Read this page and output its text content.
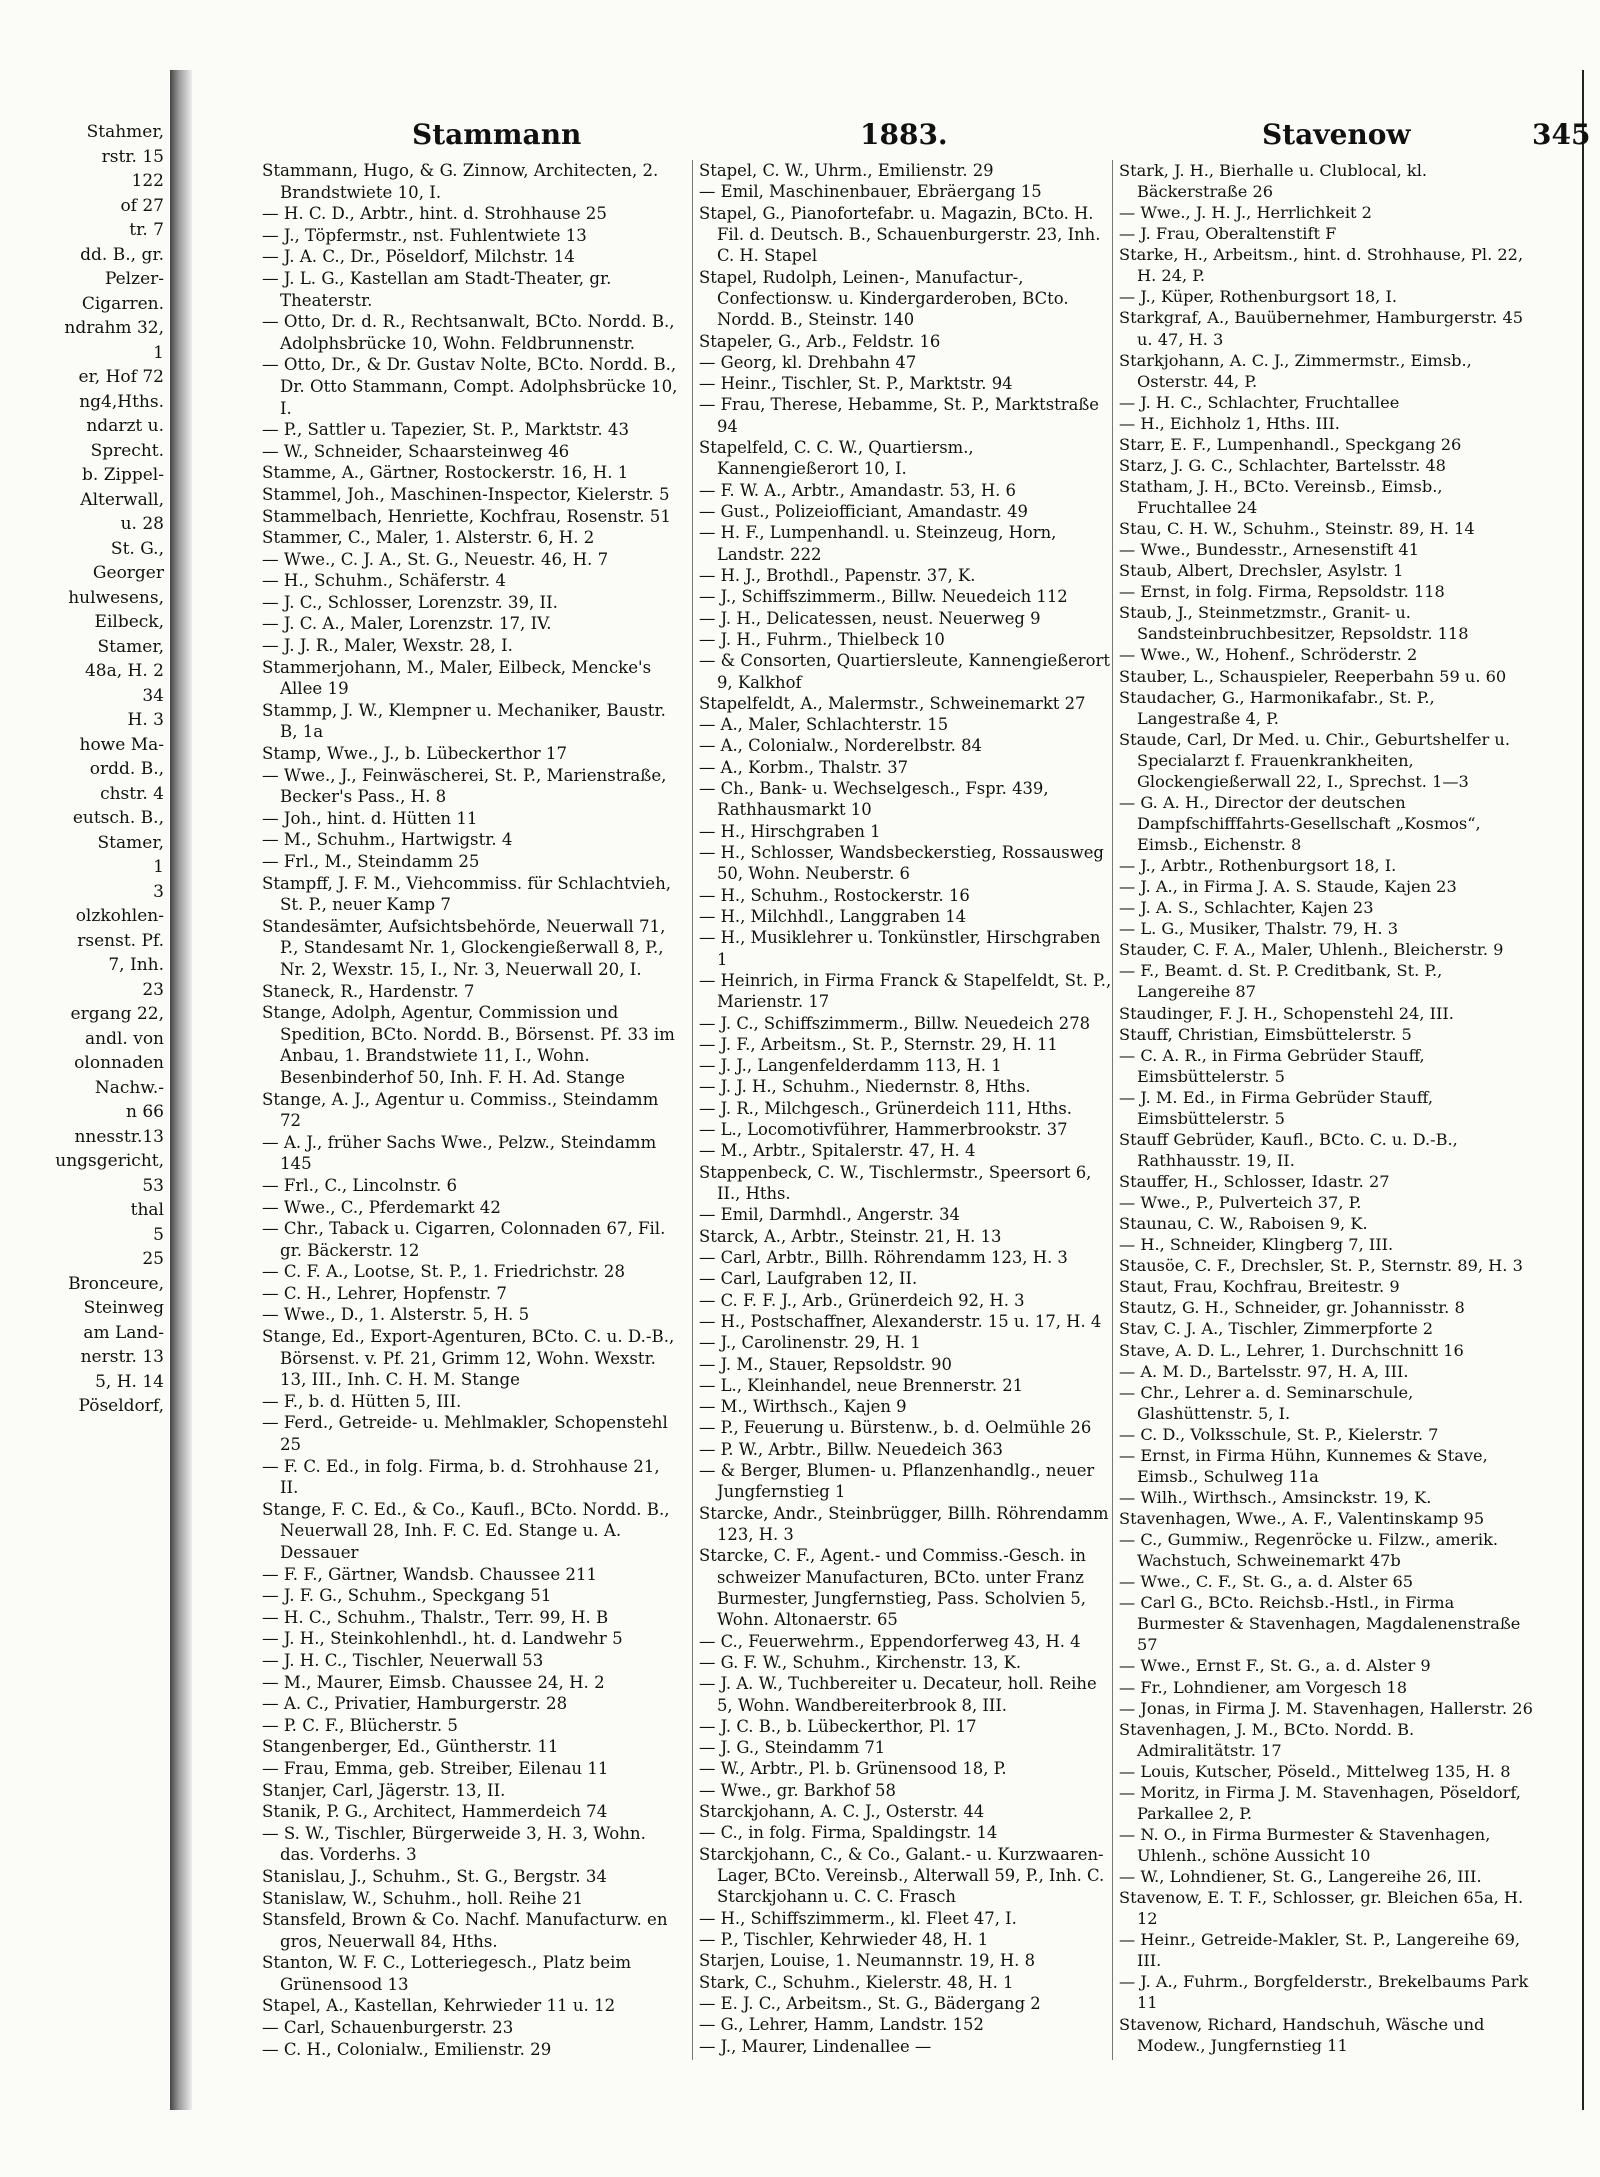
Stahmer,
rstr. 15
122
of 27
tr. 7
dd. B., gr.
Pelzer-
Cigarren.
ndrahm 32,
1
er, Hof 72
ng4,Hths.
ndarzt u.
Sprecht.
b. Zippel-
Alterwall,
u. 28
St. G.,
Georger
hulwesens,
Eilbeck,
Stamer,
48a, H. 2
34
H. 3
howe Ma-
ordd. B.,
chstr. 4
eutsch. B.,
Stamer,
1
3
olzkohlen-
rsenst. Pf.
7, Inh.
23
ergang 22,
andl. von
olonnaden
Nachw.-
n 66
nnesstr.13
ungsgericht,
53
thal
5
25
Bronceure,
Steinweg
am Land-
nerstr. 13
5, H. 14
Pöseldorf,
Stammann	1883.	Stavenow	345

Stammann, Hugo, & G. Zinnow, Architecten, 2. Brandstwiete 10, I.

— H. C. D., Arbtr., hint. d. Strohhause 25

— J., Töpfermstr., nst. Fuhlentwiete 13

— J. A. C., Dr., Pöseldorf, Milchstr. 14

— J. L. G., Kastellan am Stadt-Theater, gr. Theaterstr.

— Otto, Dr. d. R., Rechtsanwalt, BCto. Nordd. B., Adolphsbrücke 10, Wohn. Feldbrunnenstr.

— Otto, Dr., & Dr. Gustav Nolte, BCto. Nordd. B., Dr. Otto Stammann, Compt. Adolphsbrücke 10, I.

— P., Sattler u. Tapezier, St. P., Marktstr. 43

— W., Schneider, Schaarsteinweg 46

Stamme, A., Gärtner, Rostockerstr. 16, H. 1

Stammel, Joh., Maschinen-Inspector, Kielerstr. 5

Stammelbach, Henriette, Kochfrau, Rosenstr. 51

Stammer, C., Maler, 1. Alsterstr. 6, H. 2

— Wwe., C. J. A., St. G., Neuestr. 46, H. 7

— H., Schuhm., Schäferstr. 4

— J. C., Schlosser, Lorenzstr. 39, II.

— J. C. A., Maler, Lorenzstr. 17, IV.

— J. J. R., Maler, Wexstr. 28, I.

Stammerjohann, M., Maler, Eilbeck, Mencke's Allee 19

Stammp, J. W., Klempner u. Mechaniker, Baustr. B, 1a

Stamp, Wwe., J., b. Lübeckerthor 17

— Wwe., J., Feinwäscherei, St. P., Marienstraße, Becker's Pass., H. 8

— Joh., hint. d. Hütten 11

— M., Schuhm., Hartwigstr. 4

— Frl., M., Steindamm 25

Stampff, J. F. M., Viehcommiss. für Schlachtvieh, St. P., neuer Kamp 7

Standesämter, Aufsichtsbehörde, Neuerwall 71, P., Standesamt Nr. 1, Glockengießerwall 8, P., Nr. 2, Wexstr. 15, I., Nr. 3, Neuerwall 20, I.

Staneck, R., Hardenstr. 7

Stange, Adolph, Agentur, Commission und Spedition, BCto. Nordd. B., Börsenst. Pf. 33 im Anbau, 1. Brandstwiete 11, I., Wohn. Besenbinderhof 50, Inh. F. H. Ad. Stange

Stange, A. J., Agentur u. Commiss., Steindamm 72

— A. J., früher Sachs Wwe., Pelzw., Steindamm 145

— Frl., C., Lincolnstr. 6

— Wwe., C., Pferdemarkt 42

— Chr., Taback u. Cigarren, Colonnaden 67, Fil. gr. Bäckerstr. 12

— C. F. A., Lootse, St. P., 1. Friedrichstr. 28

— C. H., Lehrer, Hopfenstr. 7

— Wwe., D., 1. Alsterstr. 5, H. 5

Stange, Ed., Export-Agenturen, BCto. C. u. D.-B., Börsenst. v. Pf. 21, Grimm 12, Wohn. Wexstr. 13, III., Inh. C. H. M. Stange

— F., b. d. Hütten 5, III.

— Ferd., Getreide- u. Mehlmakler, Schopenstehl 25

— F. C. Ed., in folg. Firma, b. d. Strohhause 21, II.

Stange, F. C. Ed., & Co., Kaufl., BCto. Nordd. B., Neuerwall 28, Inh. F. C. Ed. Stange u. A. Dessauer

— F. F., Gärtner, Wandsb. Chaussee 211

— J. F. G., Schuhm., Speckgang 51

— H. C., Schuhm., Thalstr., Terr. 99, H. B

— J. H., Steinkohlenhdl., ht. d. Landwehr 5

— J. H. C., Tischler, Neuerwall 53

— M., Maurer, Eimsb. Chaussee 24, H. 2

— A. C., Privatier, Hamburgerstr. 28

— P. C. F., Blücherstr. 5

Stangenberger, Ed., Güntherstr. 11

— Frau, Emma, geb. Streiber, Eilenau 11

Stanjer, Carl, Jägerstr. 13, II.

Stanik, P. G., Architect, Hammerdeich 74

— S. W., Tischler, Bürgerweide 3, H. 3, Wohn. das. Vorderhs. 3

Stanislau, J., Schuhm., St. G., Bergstr. 34

Stanislaw, W., Schuhm., holl. Reihe 21

Stansfeld, Brown & Co. Nachf. Manufacturw. en gros, Neuerwall 84, Hths.

Stanton, W. F. C., Lotteriegesch., Platz beim Grünensood 13

Stapel, A., Kastellan, Kehrwieder 11 u. 12

— Carl, Schauenburgerstr. 23

— C. H., Colonialw., Emilienstr. 29

Stapel, C. W., Uhrm., Emilienstr. 29

— Emil, Maschinenbauer, Ebräergang 15

Stapel, G., Pianofortefabr. u. Magazin, BCto. H. Fil. d. Deutsch. B., Schauenburgerstr. 23, Inh. C. H. Stapel

Stapel, Rudolph, Leinen-, Manufactur-, Confectionsw. u. Kindergarderoben, BCto. Nordd. B., Steinstr. 140

Stapeler, G., Arb., Feldstr. 16

— Georg, kl. Drehbahn 47

— Heinr., Tischler, St. P., Marktstr. 94

— Frau, Therese, Hebamme, St. P., Marktstraße 94

Stapelfeld, C. C. W., Quartiersm., Kannengießerort 10, I.

— F. W. A., Arbtr., Amandastr. 53, H. 6

— Gust., Polizeiofficiant, Amandastr. 49

— H. F., Lumpenhandl. u. Steinzeug, Horn, Landstr. 222

— H. J., Brothdl., Papenstr. 37, K.

— J., Schiffszimmerm., Billw. Neuedeich 112

— J. H., Delicatessen, neust. Neuerweg 9

— J. H., Fuhrm., Thielbeck 10

— & Consorten, Quartiersleute, Kannengießerort 9, Kalkhof

Stapelfeldt, A., Malermstr., Schweinemarkt 27

— A., Maler, Schlachterstr. 15

— A., Colonialw., Norderelbstr. 84

— A., Korbm., Thalstr. 37

— Ch., Bank- u. Wechselgesch., Fspr. 439, Rathhausmarkt 10

— H., Hirschgraben 1

— H., Schlosser, Wandsbeckerstieg, Rossausweg 50, Wohn. Neuberstr. 6

— H., Schuhm., Rostockerstr. 16

— H., Milchhdl., Langgraben 14

— H., Musiklehrer u. Tonkünstler, Hirschgraben 1

— Heinrich, in Firma Franck & Stapelfeldt, St. P., Marienstr. 17

— J. C., Schiffszimmerm., Billw. Neuedeich 278

— J. F., Arbeitsm., St. P., Sternstr. 29, H. 11

— J. J., Langenfelderdamm 113, H. 1

— J. J. H., Schuhm., Niedernstr. 8, Hths.

— J. R., Milchgesch., Grünerdeich 111, Hths.

— L., Locomotivführer, Hammerbrookstr. 37

— M., Arbtr., Spitalerstr. 47, H. 4

Stappenbeck, C. W., Tischlermstr., Speersort 6, II., Hths.

— Emil, Darmhdl., Angerstr. 34

Starck, A., Arbtr., Steinstr. 21, H. 13

— Carl, Arbtr., Billh. Röhrendamm 123, H. 3

— Carl, Laufgraben 12, II.

— C. F. F. J., Arb., Grünerdeich 92, H. 3

— H., Postschaffner, Alexanderstr. 15 u. 17, H. 4

— J., Carolinenstr. 29, H. 1

— J. M., Stauer, Repsoldstr. 90

— L., Kleinhandel, neue Brennerstr. 21

— M., Wirthsch., Kajen 9

— P., Feuerung u. Bürstenw., b. d. Oelmühle 26

— P. W., Arbtr., Billw. Neuedeich 363

— & Berger, Blumen- u. Pflanzenhandlg., neuer Jungfernstieg 1

Starcke, Andr., Steinbrügger, Billh. Röhrendamm 123, H. 3

Starcke, C. F., Agent.- und Commiss.-Gesch. in schweizer Manufacturen, BCto. unter Franz Burmester, Jungfernstieg, Pass. Scholvien 5, Wohn. Altonaerstr. 65

— C., Feuerwehrm., Eppendorferweg 43, H. 4

— G. F. W., Schuhm., Kirchenstr. 13, K.

— J. A. W., Tuchbereiter u. Decateur, holl. Reihe 5, Wohn. Wandbereiterbrook 8, III.

— J. C. B., b. Lübeckerthor, Pl. 17

— J. G., Steindamm 71

— W., Arbtr., Pl. b. Grünensood 18, P.

— Wwe., gr. Barkhof 58

Starckjohann, A. C. J., Osterstr. 44

— C., in folg. Firma, Spaldingstr. 14

Starckjohann, C., & Co., Galant.- u. Kurzwaaren-Lager, BCto. Vereinsb., Alterwall 59, P., Inh. C. Starckjohann u. C. C. Frasch

— H., Schiffszimmerm., kl. Fleet 47, I.

— P., Tischler, Kehrwieder 48, H. 1

Starjen, Louise, 1. Neumannstr. 19, H. 8

Stark, C., Schuhm., Kielerstr. 48, H. 1

— E. J. C., Arbeitsm., St. G., Bädergang 2

— G., Lehrer, Hamm, Landstr. 152

— J., Maurer, Lindenallee —

Stark, J. H., Bierhalle u. Clublocal, kl. Bäckerstraße 26

— Wwe., J. H. J., Herrlichkeit 2

— J. Frau, Oberaltenstift F

Starke, H., Arbeitsm., hint. d. Strohhause, Pl. 22, H. 24, P.

— J., Küper, Rothenburgsort 18, I.

Starkgraf, A., Bauübernehmer, Hamburgerstr. 45 u. 47, H. 3

Starkjohann, A. C. J., Zimmermstr., Eimsb., Osterstr. 44, P.

— J. H. C., Schlachter, Fruchtallee

— H., Eichholz 1, Hths. III.

Starr, E. F., Lumpenhandl., Speckgang 26

Starz, J. G. C., Schlachter, Bartelsstr. 48

Statham, J. H., BCto. Vereinsb., Eimsb., Fruchtallee 24

Stau, C. H. W., Schuhm., Steinstr. 89, H. 14

— Wwe., Bundesstr., Arnesenstift 41

Staub, Albert, Drechsler, Asylstr. 1

— Ernst, in folg. Firma, Repsoldstr. 118

Staub, J., Steinmetzmstr., Granit- u. Sandsteinbruchbesitzer, Repsoldstr. 118

— Wwe., W., Hohenf., Schröderstr. 2

Stauber, L., Schauspieler, Reeperbahn 59 u. 60

Staudacher, G., Harmonikafabr., St. P., Langestraße 4, P.

Staude, Carl, Dr Med. u. Chir., Geburtshelfer u. Specialarzt f. Frauenkrankheiten, Glockengießerwall 22, I., Sprechst. 1—3

— G. A. H., Director der deutschen Dampfschifffahrts-Gesellschaft „Kosmos“, Eimsb., Eichenstr. 8

— J., Arbtr., Rothenburgsort 18, I.

— J. A., in Firma J. A. S. Staude, Kajen 23

— J. A. S., Schlachter, Kajen 23

— L. G., Musiker, Thalstr. 79, H. 3

Stauder, C. F. A., Maler, Uhlenh., Bleicherstr. 9

— F., Beamt. d. St. P. Creditbank, St. P., Langereihe 87

Staudinger, F. J. H., Schopenstehl 24, III.

Stauff, Christian, Eimsbüttelerstr. 5

— C. A. R., in Firma Gebrüder Stauff, Eimsbüttelerstr. 5

— J. M. Ed., in Firma Gebrüder Stauff, Eimsbüttelerstr. 5

Stauff Gebrüder, Kaufl., BCto. C. u. D.-B., Rathhausstr. 19, II.

Stauffer, H., Schlosser, Idastr. 27

— Wwe., P., Pulverteich 37, P.

Staunau, C. W., Raboisen 9, K.

— H., Schneider, Klingberg 7, III.

Stausöe, C. F., Drechsler, St. P., Sternstr. 89, H. 3

Staut, Frau, Kochfrau, Breitestr. 9

Stautz, G. H., Schneider, gr. Johannisstr. 8

Stav, C. J. A., Tischler, Zimmerpforte 2

Stave, A. D. L., Lehrer, 1. Durchschnitt 16

— A. M. D., Bartelsstr. 97, H. A, III.

— Chr., Lehrer a. d. Seminarschule, Glashüttenstr. 5, I.

— C. D., Volksschule, St. P., Kielerstr. 7

— Ernst, in Firma Hühn, Kunnemes & Stave, Eimsb., Schulweg 11a

— Wilh., Wirthsch., Amsinckstr. 19, K.

Stavenhagen, Wwe., A. F., Valentinskamp 95

— C., Gummiw., Regenröcke u. Filzw., amerik. Wachstuch, Schweinemarkt 47b

— Wwe., C. F., St. G., a. d. Alster 65

— Carl G., BCto. Reichsb.-Hstl., in Firma Burmester & Stavenhagen, Magdalenenstraße 57

— Wwe., Ernst F., St. G., a. d. Alster 9

— Fr., Lohndiener, am Vorgesch 18

— Jonas, in Firma J. M. Stavenhagen, Hallerstr. 26

Stavenhagen, J. M., BCto. Nordd. B. Admiralitätstr. 17

— Louis, Kutscher, Pöseld., Mittelweg 135, H. 8

— Moritz, in Firma J. M. Stavenhagen, Pöseldorf, Parkallee 2, P.

— N. O., in Firma Burmester & Stavenhagen, Uhlenh., schöne Aussicht 10

— W., Lohndiener, St. G., Langereihe 26, III.

Stavenow, E. T. F., Schlosser, gr. Bleichen 65a, H. 12

— Heinr., Getreide-Makler, St. P., Langereihe 69, III.

— J. A., Fuhrm., Borgfelderstr., Brekelbaums Park 11

Stavenow, Richard, Handschuh, Wäsche und Modew., Jungfernstieg 11
